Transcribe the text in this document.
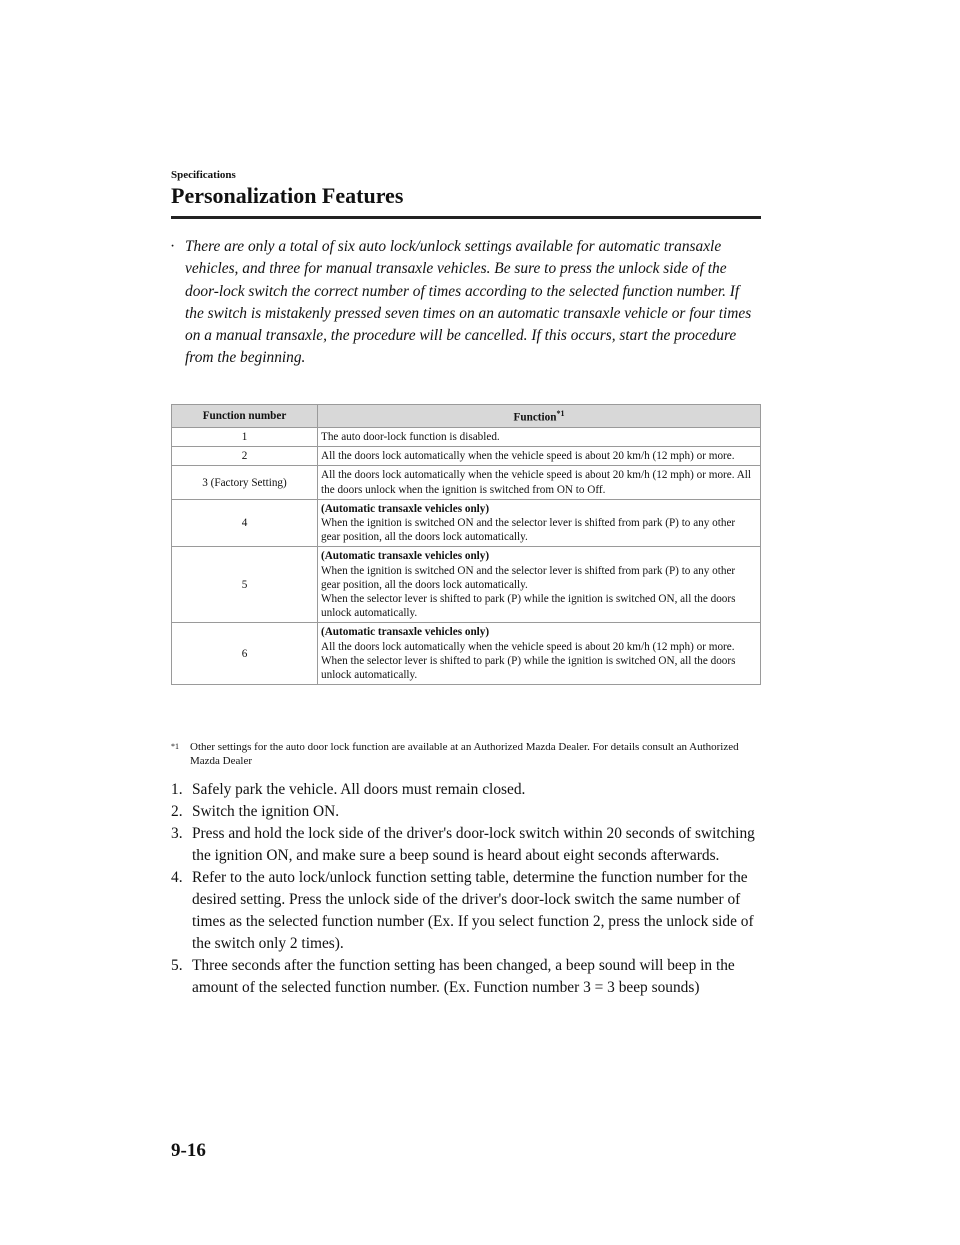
Specifications
Personalization Features
· There are only a total of six auto lock/unlock settings available for automatic transaxle vehicles, and three for manual transaxle vehicles. Be sure to press the unlock side of the door-lock switch the correct number of times according to the selected function number. If the switch is mistakenly pressed seven times on an automatic transaxle vehicle or four times on a manual transaxle, the procedure will be cancelled. If this occurs, start the procedure from the beginning.
Function number	Function$^{*1}$
1	The auto door-lock function is disabled.

2	All the doors lock automatically when the vehicle speed is about 20 km/h (12 mph) or more.

3 (Factory Setting)	All the doors lock automatically when the vehicle speed is about 20 km/h (12 mph) or more. All the doors unlock when the ignition is switched from ON to Off.

4	(Automatic transaxle vehicles only)
When the ignition is switched ON and the selector lever is shifted from park (P) to any other gear position, all the doors lock automatically.

5	(Automatic transaxle vehicles only)
When the ignition is switched ON and the selector lever is shifted from park (P) to any other gear position, all the doors lock automatically.
When the selector lever is shifted to park (P) while the ignition is switched ON, all the doors unlock automatically.

6	(Automatic transaxle vehicles only)
All the doors lock automatically when the vehicle speed is about 20 km/h (12 mph) or more.
When the selector lever is shifted to park (P) while the ignition is switched ON, all the doors unlock automatically.
*1	Other settings for the auto door lock function are available at an Authorized Mazda Dealer. For details consult an Authorized Mazda Dealer
1. Safely park the vehicle. All doors must remain closed.
2. Switch the ignition ON.
3. Press and hold the lock side of the driver's door-lock switch within 20 seconds of switching the ignition ON, and make sure a beep sound is heard about eight seconds afterwards.
4. Refer to the auto lock/unlock function setting table, determine the function number for the desired setting. Press the unlock side of the driver's door-lock switch the same number of times as the selected function number (Ex. If you select function 2, press the unlock side of the switch only 2 times).
5. Three seconds after the function setting has been changed, a beep sound will beep in the amount of the selected function number. (Ex. Function number 3 = 3 beep sounds)
9-16
